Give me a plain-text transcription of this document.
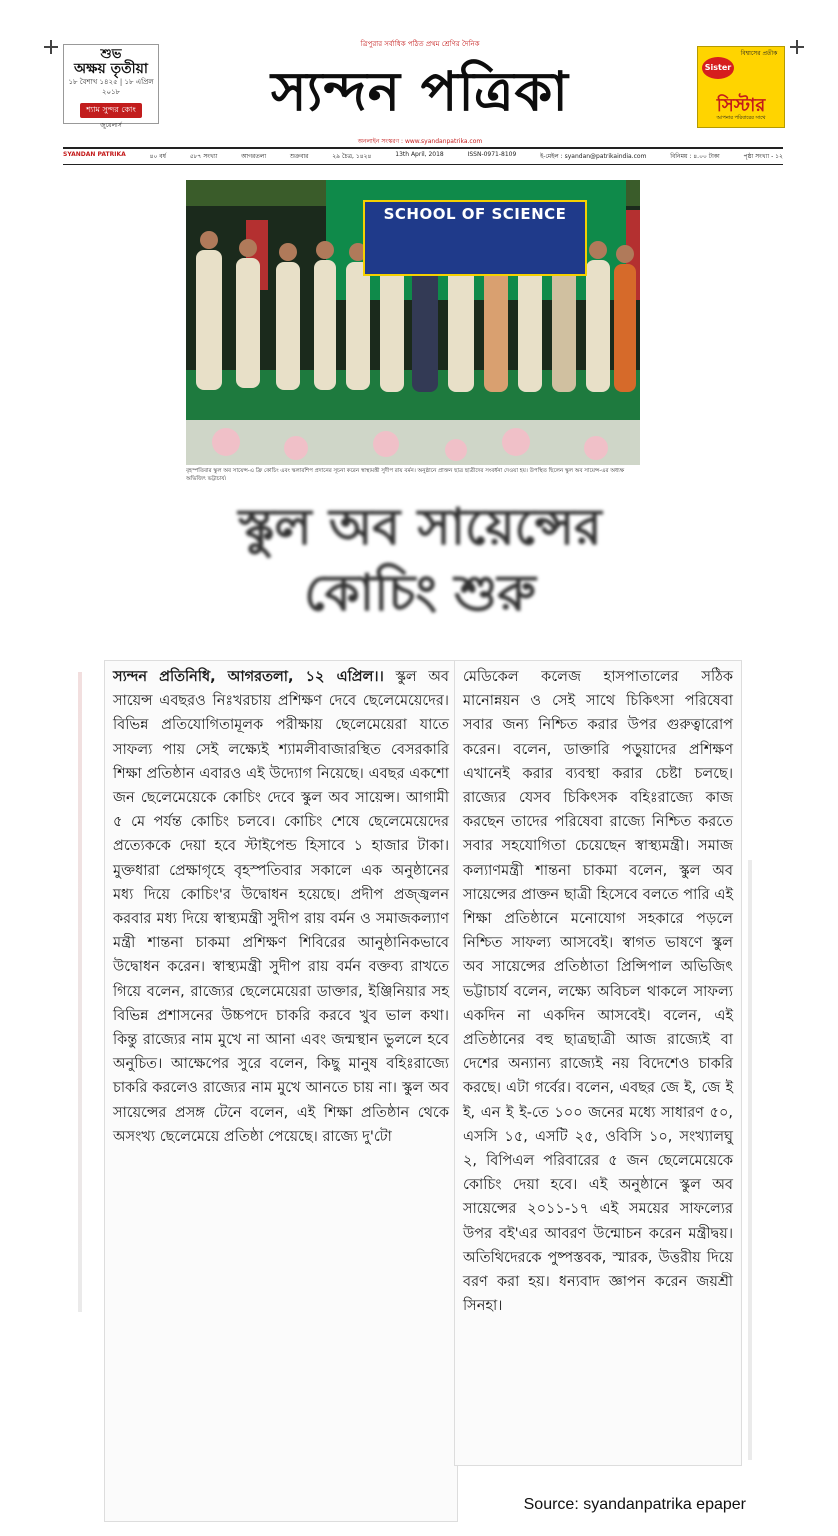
শুভ
অক্ষয় তৃতীয়া
১৮ বৈশাখ ১৪২৫ | ১৮ এপ্রিল ২০১৮
শ্যাম সুন্দর কোং
জুয়েলার্স
ত্রিপুরার সর্বাধিক পঠিত প্রথম শ্রেণির দৈনিক
স্যন্দন পত্রিকা
অনলাইন সংস্করণ : www.syandanpatrika.com
Sister
বিশ্বাসের প্রতীক
সিস্টার
আপনার পরিবারের সাথে
SYANDAN PATRIKA	৪০ বর্ষ	৫৮৭ সংখ্যা	আগরতলা	শুক্রবার	২৯ চৈত্র, ১৪২৪	13th April, 2018	ISSN-0971-8109	ই-মেইল : syandan@patrikaindia.com	বিনিময় : ৪.০০ টাকা	পৃষ্ঠা সংখ্যা - ১২
SCHOOL OF SCIENCE
বৃহস্পতিবার স্কুল অব সায়েন্স-এ ফ্রি কোচিং এবং স্কলারশিপ প্রদানের সূচনা করেন স্বাস্থ্যমন্ত্রী সুদীপ রায় বর্মন। অনুষ্ঠানে প্রাক্তন ছাত্র ছাত্রীদের সংবর্ধনা দেওয়া হয়। উপস্থিত ছিলেন স্কুল অব সায়েন্স-এর অধ্যক্ষ অভিজিৎ ভট্টাচার্য।
স্কুল অব সায়েন্সের
কোচিং শুরু

স্যন্দন প্রতিনিধি, আগরতলা, ১২ এপ্রিল।। স্কুল অব সায়েন্স এবছরও নিঃখরচায় প্রশিক্ষণ দেবে ছেলেমেয়েদের। বিভিন্ন প্রতিযোগিতামূলক পরীক্ষায় ছেলেমেয়েরা যাতে সাফল্য পায় সেই লক্ষ্যেই শ্যামলীবাজারস্থিত বেসরকারি শিক্ষা প্রতিষ্ঠান এবারও এই উদ্যোগ নিয়েছে। এবছর একশো জন ছেলেমেয়েকে কোচিং দেবে স্কুল অব সায়েন্স। আগামী ৫ মে পর্যন্ত কোচিং চলবে। কোচিং শেষে ছেলেমেয়েদের প্রত্যেককে দেয়া হবে স্টাইপেন্ড হিসাবে ১ হাজার টাকা। মুক্তধারা প্রেক্ষাগৃহে বৃহস্পতিবার সকালে এক অনুষ্ঠানের মধ্য দিয়ে কোচিং'র উদ্বোধন হয়েছে। প্রদীপ প্রজ্জ্বলন করবার মধ্য দিয়ে স্বাস্থ্যমন্ত্রী সুদীপ রায় বর্মন ও সমাজকল্যাণ মন্ত্রী শান্তনা চাকমা প্রশিক্ষণ শিবিরের আনুষ্ঠানিকভাবে উদ্বোধন করেন। স্বাস্থ্যমন্ত্রী সুদীপ রায় বর্মন বক্তব্য রাখতে গিয়ে বলেন, রাজ্যের ছেলেমেয়েরা ডাক্তার, ইঞ্জিনিয়ার সহ বিভিন্ন প্রশাসনের উচ্চপদে চাকরি করবে খুব ভাল কথা। কিন্তু রাজ্যের নাম মুখে না আনা এবং জন্মস্থান ভুললে হবে অনুচিত। আক্ষেপের সুরে বলেন, কিছু মানুষ বহিঃরাজ্যে চাকরি করলেও রাজ্যের নাম মুখে আনতে চায় না। স্কুল অব সায়েন্সের প্রসঙ্গ টেনে বলেন, এই শিক্ষা প্রতিষ্ঠান থেকে অসংখ্য ছেলেমেয়ে প্রতিষ্ঠা পেয়েছে। রাজ্যে দু'টো

মেডিকেল কলেজ হাসপাতালের সঠিক মানোন্নয়ন ও সেই সাথে চিকিৎসা পরিষেবা সবার জন্য নিশ্চিত করার উপর গুরুত্বারোপ করেন। বলেন, ডাক্তারি পড়ুয়াদের প্রশিক্ষণ এখানেই করার ব্যবস্থা করার চেষ্টা চলছে। রাজ্যের যেসব চিকিৎসক বহিঃরাজ্যে কাজ করছেন তাদের পরিষেবা রাজ্যে নিশ্চিত করতে সবার সহযোগিতা চেয়েছেন স্বাস্থ্যমন্ত্রী। সমাজ কল্যাণমন্ত্রী শান্তনা চাকমা বলেন, স্কুল অব সায়েন্সের প্রাক্তন ছাত্রী হিসেবে বলতে পারি এই শিক্ষা প্রতিষ্ঠানে মনোযোগ সহকারে পড়লে নিশ্চিত সাফল্য আসবেই। স্বাগত ভাষণে স্কুল অব সায়েন্সের প্রতিষ্ঠাতা প্রিন্সিপাল অভিজিৎ ভট্টাচার্য বলেন, লক্ষ্যে অবিচল থাকলে সাফল্য একদিন না একদিন আসবেই। বলেন, এই প্রতিষ্ঠানের বহু ছাত্রছাত্রী আজ রাজ্যেই বা দেশের অন্যান্য রাজ্যেই নয় বিদেশেও চাকরি করছে। এটা গর্বের। বলেন, এবছর জে ই, জে ই ই, এন ই ই-তে ১০০ জনের মধ্যে সাধারণ ৫০, এসসি ১৫, এসটি ২৫, ওবিসি ১০, সংখ্যালঘু ২, বিপিএল পরিবারের ৫ জন ছেলেমেয়েকে কোচিং দেয়া হবে। এই অনুষ্ঠানে স্কুল অব সায়েন্সের ২০১১-১৭ এই সময়ের সাফল্যের উপর বই'এর আবরণ উন্মোচন করেন মন্ত্রীদ্বয়। অতিথিদেরকে পুষ্পস্তবক, স্মারক, উত্তরীয় দিয়ে বরণ করা হয়। ধন্যবাদ জ্ঞাপন করেন জয়শ্রী সিনহা।

Source: syandanpatrika epaper
